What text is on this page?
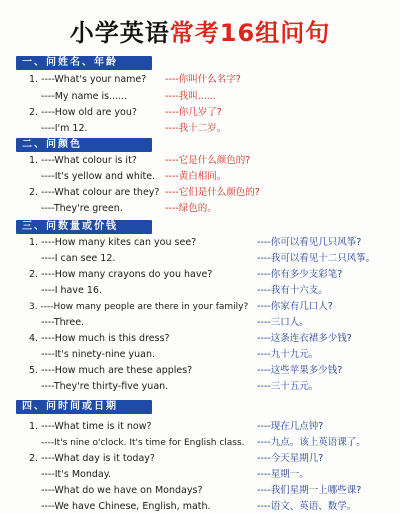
小学英语常考16组问句
一、问姓名、年龄
1. ----What's your name? ----你叫什么名字?
----My name is......	----我叫......
2. ----How old are you?	----你几岁了?
----I'm 12.	----我十二岁。
二、问颜色
1. ----What colour is it?	----它是什么颜色的?
----It's yellow and white. ----黄白相间。
2. ----What colour are they? ----它们是什么颜色的?
----They're green.	----绿色的。
三、问数量或价钱
1. ----How many kites can you see?	----你可以看见几只风筝?
----I can see 12.	----我可以看见十二只风筝。
2. ----How many crayons do you have?	----你有多少支彩笔?
----I have 16.	----我有十六支。
3. ----How many people are there in your family? ----你家有几口人?
----Three.	----三口人。
4. ----How much is this dress?	----这条连衣裙多少钱?
----It's ninety-nine yuan.	----九十九元。
5. ----How much are these apples?	----这些苹果多少钱?
----They're thirty-five yuan.	----三十五元。
四、问时间或日期
1. ----What time is it now?	----现在几点钟?
----It's nine o'clock. It's time for English class. ----九点。该上英语课了。
2. ----What day is it today?	----今天星期几?
----It's Monday.	----星期一。
----What do we have on Mondays?	----我们星期一上哪些课?
----We have Chinese, English, math.	----语文、英语、数学。
